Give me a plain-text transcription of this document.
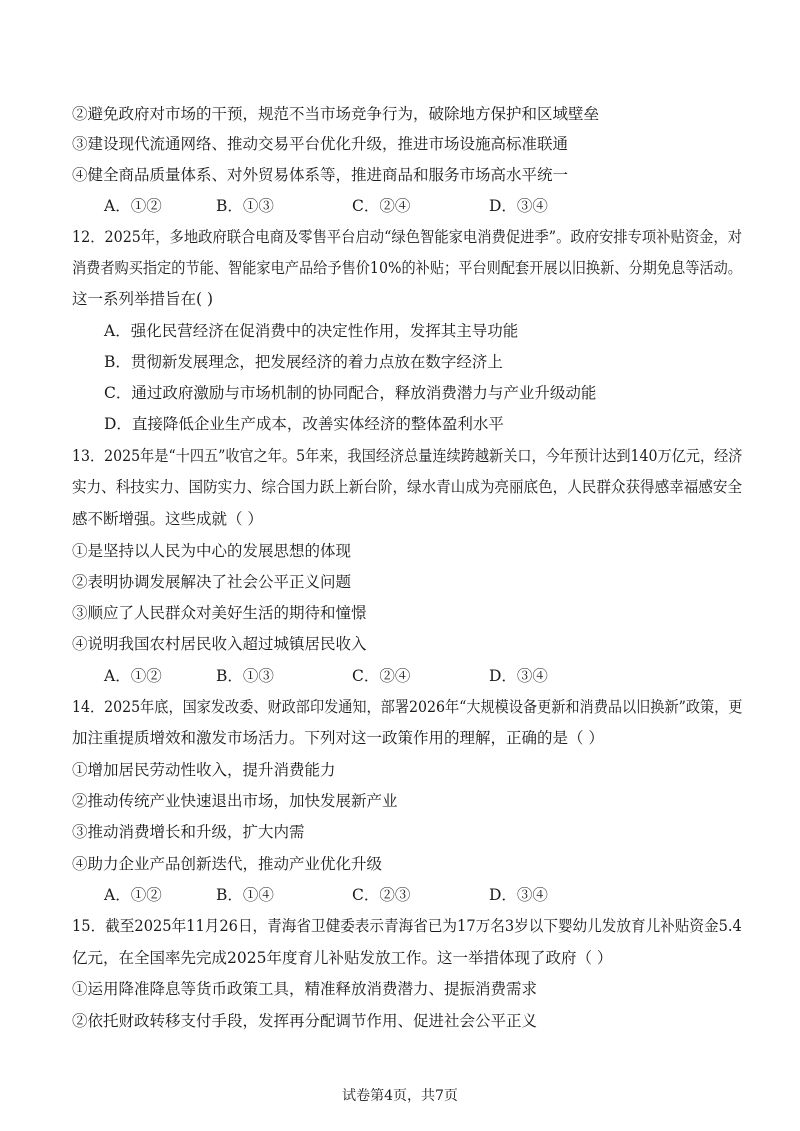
②避免政府对市场的干预，规范不当市场竞争行为，破除地方保护和区域壁垒
③建设现代流通网络、推动交易平台优化升级，推进市场设施高标准联通
④健全商品质量体系、对外贸易体系等，推进商品和服务市场高水平统一
A．①②	B．①③	C．②④	D．③④
12．2025年，多地政府联合电商及零售平台启动“绿色智能家电消费促进季”。政府安排专项补贴资金，对
消费者购买指定的节能、智能家电产品给予售价10%的补贴；平台则配套开展以旧换新、分期免息等活动。
这一系列举措旨在( )
A．强化民营经济在促消费中的决定性作用，发挥其主导功能
B．贯彻新发展理念，把发展经济的着力点放在数字经济上
C．通过政府激励与市场机制的协同配合，释放消费潜力与产业升级动能
D．直接降低企业生产成本，改善实体经济的整体盈利水平
13．2025年是“十四五”收官之年。5年来，我国经济总量连续跨越新关口，今年预计达到140万亿元，经济
实力、科技实力、国防实力、综合国力跃上新台阶，绿水青山成为亮丽底色，人民群众获得感幸福感安全
感不断增强。这些成就（ ）
①是坚持以人民为中心的发展思想的体现
②表明协调发展解决了社会公平正义问题
③顺应了人民群众对美好生活的期待和憧憬
④说明我国农村居民收入超过城镇居民收入
A．①②	B．①③	C．②④	D．③④
14．2025年底，国家发改委、财政部印发通知，部署2026年“大规模设备更新和消费品以旧换新”政策，更
加注重提质增效和激发市场活力。下列对这一政策作用的理解，正确的是（ ）
①增加居民劳动性收入，提升消费能力
②推动传统产业快速退出市场，加快发展新产业
③推动消费增长和升级，扩大内需
④助力企业产品创新迭代，推动产业优化升级
A．①②	B．①④	C．②③	D．③④
15．截至2025年11月26日，青海省卫健委表示青海省已为17万名3岁以下婴幼儿发放育儿补贴资金5.4
亿元，在全国率先完成2025年度育儿补贴发放工作。这一举措体现了政府（ ）
①运用降准降息等货币政策工具，精准释放消费潜力、提振消费需求
②依托财政转移支付手段，发挥再分配调节作用、促进社会公平正义
试卷第4页，共7页
